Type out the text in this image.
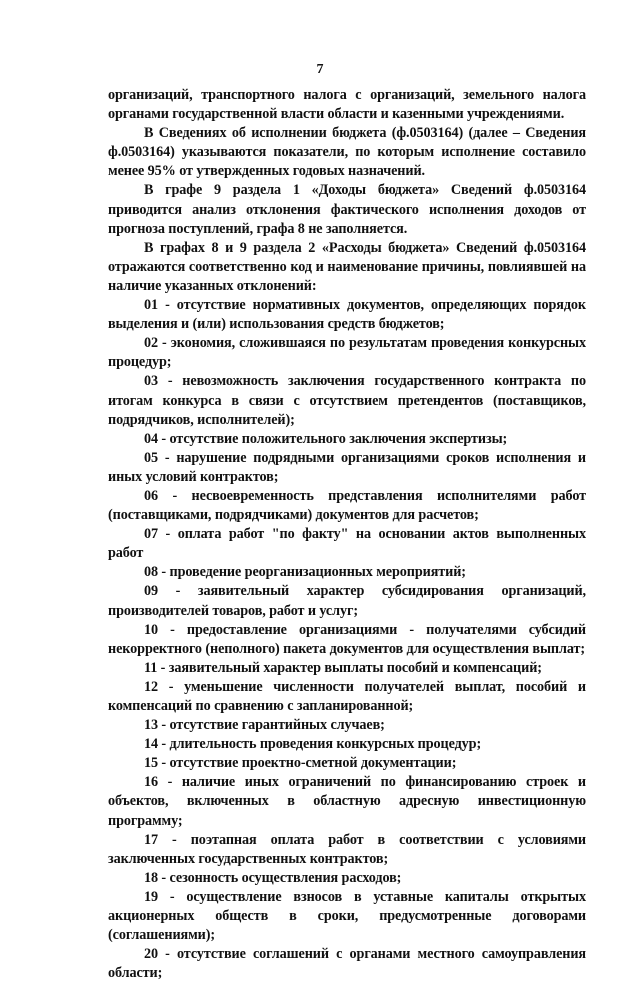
7

организаций, транспортного налога с организаций, земельного налога органами государственной власти области и казенными учреждениями.

В Сведениях об исполнении бюджета (ф.0503164) (далее – Сведения ф.0503164) указываются показатели, по которым исполнение составило менее 95% от утвержденных годовых назначений.

В графе 9 раздела 1 «Доходы бюджета» Сведений ф.0503164 приводится анализ отклонения фактического исполнения доходов от прогноза поступлений, графа 8 не заполняется.

В графах 8 и 9 раздела 2 «Расходы бюджета» Сведений ф.0503164 отражаются соответственно код и наименование причины, повлиявшей на наличие указанных отклонений:

01 - отсутствие нормативных документов, определяющих порядок выделения и (или) использования средств бюджетов;

02 - экономия, сложившаяся по результатам проведения конкурсных процедур;

03 - невозможность заключения государственного контракта по итогам конкурса в связи с отсутствием претендентов (поставщиков, подрядчиков, исполнителей);

04 - отсутствие положительного заключения экспертизы;

05 - нарушение подрядными организациями сроков исполнения и иных условий контрактов;

06 - несвоевременность представления исполнителями работ (поставщиками, подрядчиками) документов для расчетов;

07 - оплата работ "по факту" на основании актов выполненных работ

08 - проведение реорганизационных мероприятий;

09 - заявительный характер субсидирования организаций, производителей товаров, работ и услуг;

10 - предоставление организациями - получателями субсидий некорректного (неполного) пакета документов для осуществления выплат;

11 - заявительный характер выплаты пособий и компенсаций;

12 - уменьшение численности получателей выплат, пособий и компенсаций по сравнению с запланированной;

13 - отсутствие гарантийных случаев;

14 - длительность проведения конкурсных процедур;

15 - отсутствие проектно-сметной документации;

16 - наличие иных ограничений по финансированию строек и объектов, включенных в областную адресную инвестиционную программу;

17 - поэтапная оплата работ в соответствии с условиями заключенных государственных контрактов;

18 - сезонность осуществления расходов;

19 - осуществление взносов в уставные капиталы открытых акционерных обществ в сроки, предусмотренные договорами (соглашениями);

20 - отсутствие соглашений с органами местного самоуправления области;
